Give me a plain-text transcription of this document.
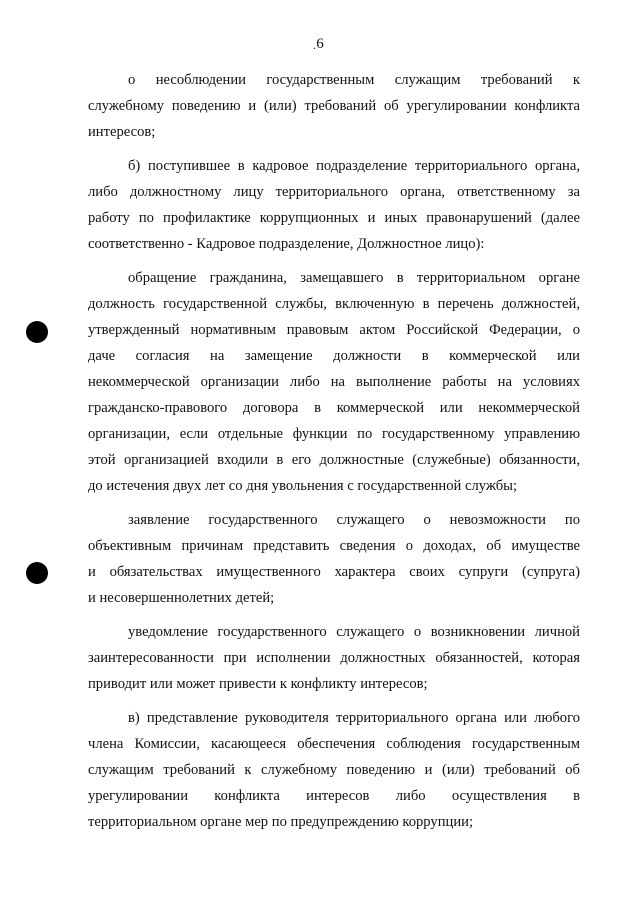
. 6
о несоблюдении государственным служащим требований к
служебному поведению и (или) требований об урегулировании конфликта
интересов;
б) поступившее в кадровое подразделение территориального органа,
либо должностному лицу территориального органа, ответственному за
работу по профилактике коррупционных и иных правонарушений (далее
соответственно - Кадровое подразделение, Должностное лицо):
обращение гражданина, замещавшего в территориальном органе
должность государственной службы, включенную в перечень должностей,
утвержденный нормативным правовым актом Российской Федерации, о
даче согласия на замещение должности в коммерческой или
некоммерческой организации либо на выполнение работы на условиях
гражданско-правового договора в коммерческой или некоммерческой
организации, если отдельные функции по государственному управлению
этой организацией входили в его должностные (служебные) обязанности,
до истечения двух лет со дня увольнения с государственной службы;
заявление государственного служащего о невозможности по
объективным причинам представить сведения о доходах, об имуществе
и обязательствах имущественного характера своих супруги (супруга)
и несовершеннолетних детей;
уведомление государственного служащего о возникновении личной
заинтересованности при исполнении должностных обязанностей, которая
приводит или может привести к конфликту интересов;
в) представление руководителя территориального органа или любого
члена Комиссии, касающееся обеспечения соблюдения государственным
служащим требований к служебному поведению и (или) требований об
урегулировании конфликта интересов либо осуществления в
территориальном органе мер по предупреждению коррупции;
